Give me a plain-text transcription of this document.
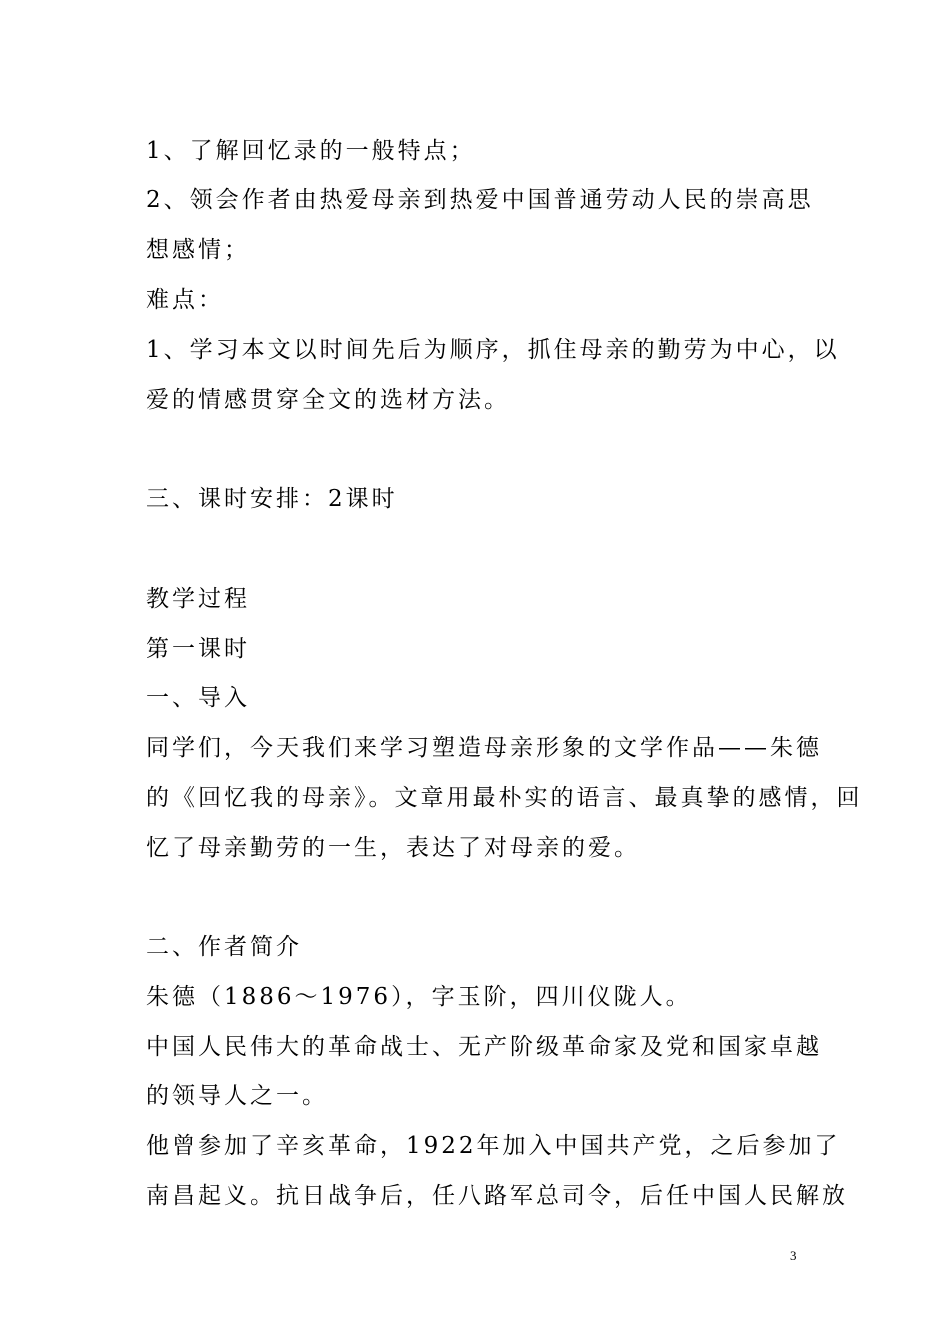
1、了解回忆录的一般特点；
2、领会作者由热爱母亲到热爱中国普通劳动人民的崇高思
想感情；
难点：
1、学习本文以时间先后为顺序，抓住母亲的勤劳为中心，以
爱的情感贯穿全文的选材方法。
三、课时安排：2课时
教学过程
第一课时
一、导入
同学们，今天我们来学习塑造母亲形象的文学作品——朱德
的《回忆我的母亲》。文章用最朴实的语言、最真挚的感情，回
忆了母亲勤劳的一生，表达了对母亲的爱。
二、作者简介
朱德（1886～1976），字玉阶，四川仪陇人。
中国人民伟大的革命战士、无产阶级革命家及党和国家卓越
的领导人之一。
他曾参加了辛亥革命，1922年加入中国共产党，之后参加了
南昌起义。抗日战争后，任八路军总司令，后任中国人民解放
3
